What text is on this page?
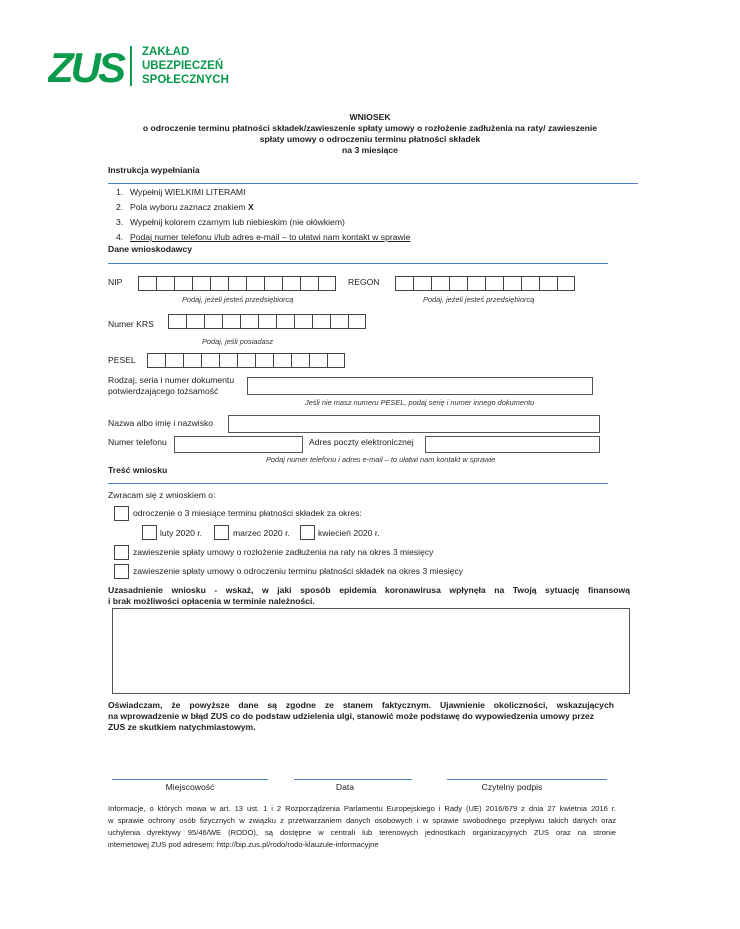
ZUS ZAKŁAD
UBEZPIECZEŃ
SPOŁECZNYCH
WNIOSEK
o odroczenie terminu płatności składek/zawieszenie spłaty umowy o rozłożenie zadłużenia na raty/ zawieszenie
spłaty umowy o odroczeniu terminu płatności składek
na 3 miesiące
Instrukcja wypełniania
1. Wypełnij WIELKIMI LITERAMI
2. Pola wyboru zaznacz znakiem X
3. Wypełnij kolorem czarnym lub niebieskim (nie ołówkiem)
4. Podaj numer telefonu i/lub adres e-mail – to ułatwi nam kontakt w sprawie
Dane wnioskodawcy
NIP
Podaj, jeżeli jesteś przedsiębiorcą
REGON
Podaj, jeżeli jesteś przedsiębiorcą
Numer KRS
Podaj, jeśli posiadasz
PESEL
Rodzaj, seria i numer dokumentu
potwierdzającego tożsamość
Jeśli nie masz numeru PESEL, podaj serię i numer innego dokumentu
Nazwa albo imię i nazwisko
Numer telefonu	Adres poczty elektronicznej
Podaj numer telefonu i adres e-mail – to ułatwi nam kontakt w sprawie
Treść wniosku
Zwracam się z wnioskiem o:
odroczenie o 3 miesiące terminu płatności składek za okres:
luty 2020 r.	marzec 2020 r.	kwiecień 2020 r.
zawieszenie spłaty umowy o rozłożenie zadłużenia na raty na okres 3 miesięcy
zawieszenie spłaty umowy o odroczeniu terminu płatności składek na okres 3 miesięcy
Uzasadnienie wniosku - wskaż, w jaki sposób epidemia koronawirusa wpłynęła na Twoją sytuację finansową
i brak możliwości opłacenia w terminie należności.
Oświadczam, że powyższe dane są zgodne ze stanem faktycznym. Ujawnienie okoliczności, wskazujących
na wprowadzenie w błąd ZUS co do podstaw udzielenia ulgi, stanowić może podstawę do wypowiedzenia umowy przez
ZUS ze skutkiem natychmiastowym.
Miejscowość	Data	Czytelny podpis
Informacje, o których mowa w art. 13 ust. 1 i 2 Rozporządzenia Parlamentu Europejskiego i Rady (UE) 2016/679 z dnia 27 kwietnia 2016 r.
w sprawie ochrony osób fizycznych w związku z przetwarzaniem danych osobowych i w sprawie swobodnego przepływu takich danych oraz
uchylenia dyrektywy 95/46/WE (RODO), są dostępne w centrali lub terenowych jednostkach organizacyjnych ZUS oraz na stronie
internetowej ZUS pod adresem: http://bip.zus.pl/rodo/rodo-klauzule-informacyjne
